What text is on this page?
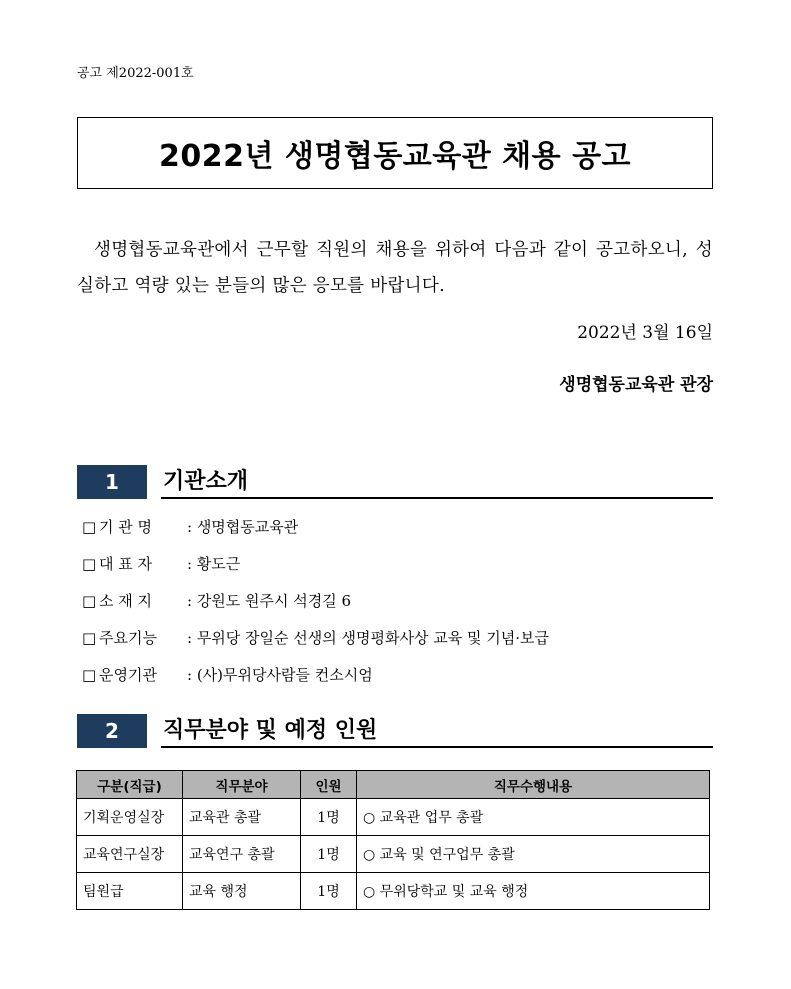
공고 제2022-001호
2022년 생명협동교육관 채용 공고

생명협동교육관에서 근무할 직원의 채용을 위하여 다음과 같이 공고하오니, 성실하고 역량 있는 분들의 많은 응모를 바랍니다.

2022년 3월 16일
생명협동교육관 관장
1	기관소개
□ 기 관 명 : 생명협동교육관
□ 대 표 자 : 황도근
□ 소 재 지 : 강원도 원주시 석경길 6
□ 주요기능 : 무위당 장일순 선생의 생명평화사상 교육 및 기념·보급
□ 운영기관 : (사)무위당사람들 컨소시엄
2	직무분야 및 예정 인원
구분(직급)	직무분야	인원	직무수행내용
기획운영실장	교육관 총괄	1명	○ 교육관 업무 총괄
교육연구실장	교육연구 총괄	1명	○ 교육 및 연구업무 총괄
팀원급	교육 행정	1명	○ 무위당학교 및 교육 행정
